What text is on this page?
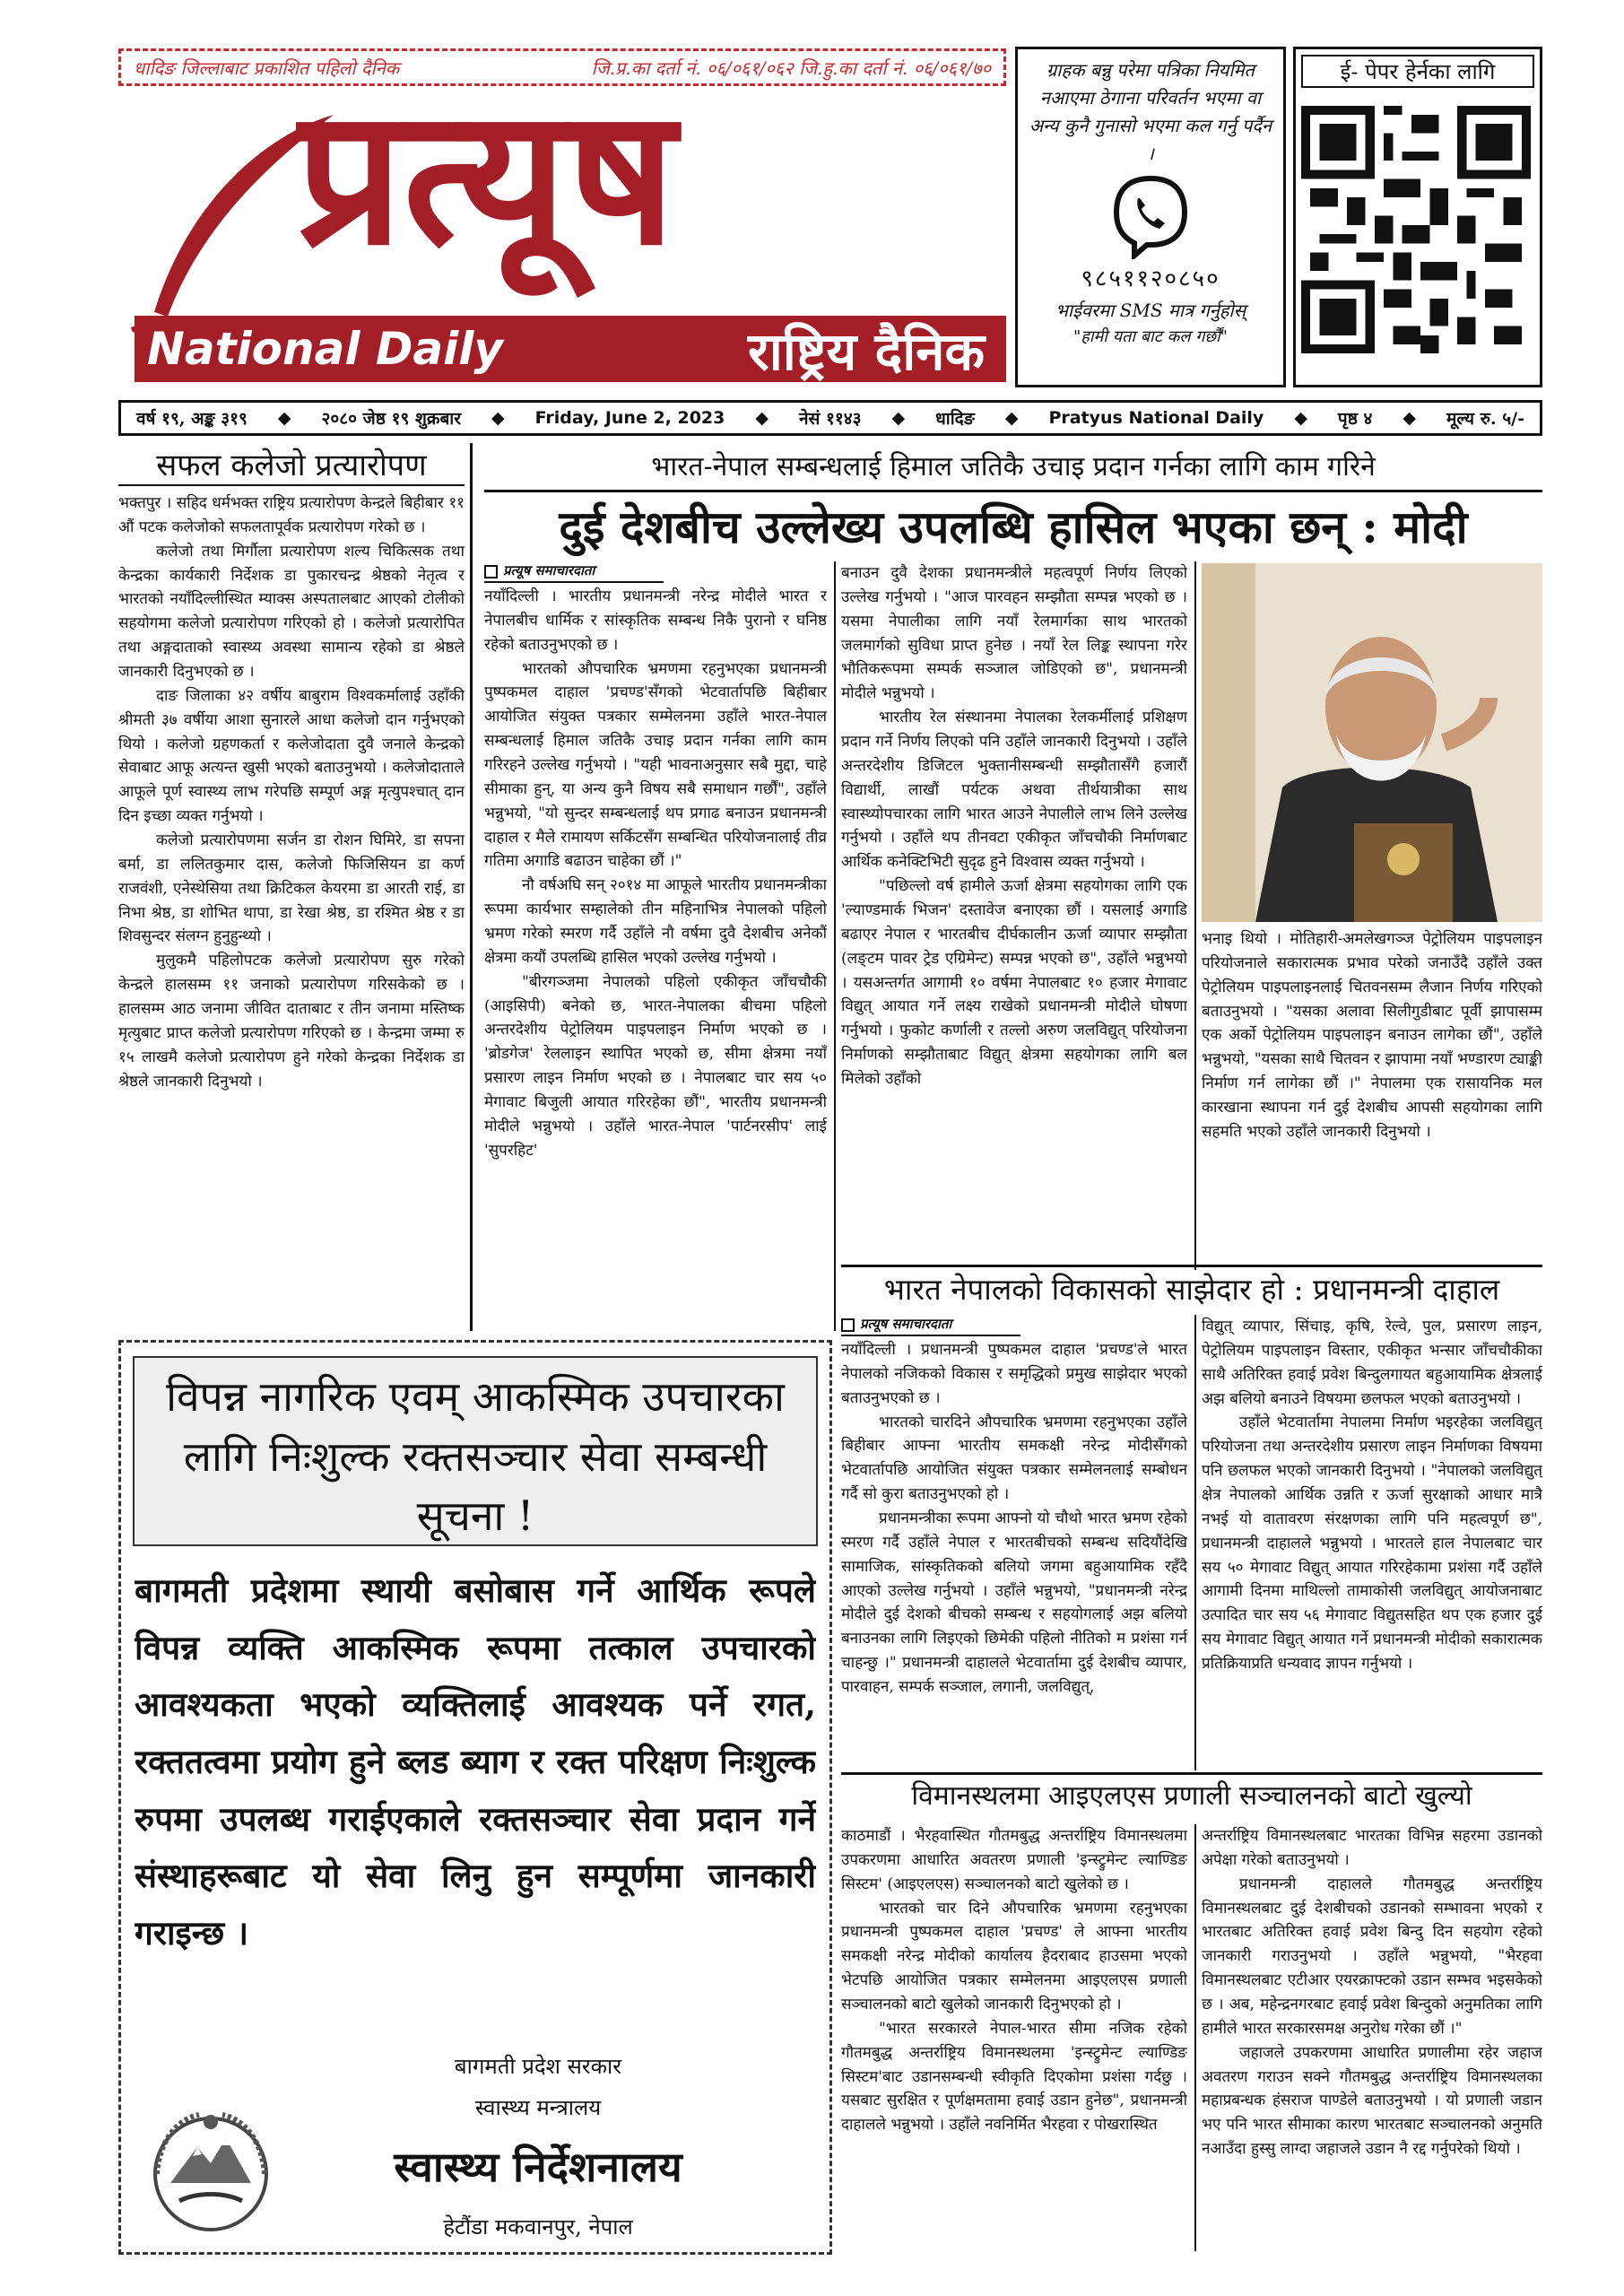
धादिङ जिल्लाबाट प्रकाशित पहिलो दैनिक	जि.प्र.का दर्ता नं. ०६/०६१/०६२ जि.हु.का दर्ता नं. ०६/०६१/७०
प्रत्यूष
National Daily	राष्ट्रिय दैनिक
ग्राहक बन्नु परेमा पत्रिका नियमित नआएमा ठेगाना परिवर्तन भएमा वा अन्य कुनै गुनासो भएमा कल गर्नु पर्दैन ।
९८५११२०८५०
भाईवरमा SMS मात्र गर्नुहोस्
"हामी यता बाट कल गर्छौं"
ई- पेपर हेर्नका लागि
वर्ष १९, अङ्क ३१९ ◆ २०८० जेष्ठ १९ शुक्रबार ◆ Friday, June 2, 2023 ◆ नेसं ११४३ ◆ धादिङ ◆ Pratyus National Daily ◆ पृष्ठ ४ ◆ मूल्य रु. ५/-
सफल कलेजो प्रत्यारोपण

भक्तपुर । सहिद धर्मभक्त राष्ट्रिय प्रत्यारोपण केन्द्रले बिहीबार ११ औं पटक कलेजोको सफलतापूर्वक प्रत्यारोपण गरेको छ ।

कलेजो तथा मिर्गौला प्रत्यारोपण शल्य चिकित्सक तथा केन्द्रका कार्यकारी निर्देशक डा पुकारचन्द्र श्रेष्ठको नेतृत्व र भारतको नयाँदिल्लीस्थित म्याक्स अस्पतालबाट आएको टोलीको सहयोगमा कलेजो प्रत्यारोपण गरिएको हो । कलेजो प्रत्यारोपित तथा अङ्गदाताको स्वास्थ्य अवस्था सामान्य रहेको डा श्रेष्ठले जानकारी दिनुभएको छ ।

दाङ जिलाका ४२ वर्षीय बाबुराम विश्वकर्मालाई उहाँकी श्रीमती ३७ वर्षीया आशा सुनारले आधा कलेजो दान गर्नुभएको थियो । कलेजो ग्रहणकर्ता र कलेजोदाता दुवै जनाले केन्द्रको सेवाबाट आफू अत्यन्त खुसी भएको बताउनुभयो । कलेजोदाताले आफूले पूर्ण स्वास्थ्य लाभ गरेपछि सम्पूर्ण अङ्ग मृत्युपश्चात् दान दिन इच्छा व्यक्त गर्नुभयो ।

कलेजो प्रत्यारोपणमा सर्जन डा रोशन घिमिरे, डा सपना बर्मा, डा ललितकुमार दास, कलेजो फिजिसियन डा कर्ण राजवंशी, एनेस्थेसिया तथा क्रिटिकल केयरमा डा आरती राई, डा निभा श्रेष्ठ, डा शोभित थापा, डा रेखा श्रेष्ठ, डा रश्मित श्रेष्ठ र डा शिवसुन्दर संलग्न हुनुहुन्थ्यो ।

मुलुकमै पहिलोपटक कलेजो प्रत्यारोपण सुरु गरेको केन्द्रले हालसम्म ११ जनाको प्रत्यारोपण गरिसकेको छ । हालसम्म आठ जनामा जीवित दाताबाट र तीन जनामा मस्तिष्क मृत्युबाट प्राप्त कलेजो प्रत्यारोपण गरिएको छ । केन्द्रमा जम्मा रु १५ लाखमै कलेजो प्रत्यारोपण हुने गरेको केन्द्रका निर्देशक डा श्रेष्ठले जानकारी दिनुभयो ।

भारत-नेपाल सम्बन्धलाई हिमाल जतिकै उचाइ प्रदान गर्नका लागि काम गरिने
दुई देशबीच उल्लेख्य उपलब्धि हासिल भएका छन् : मोदी
प्रत्यूष समाचारदाता

नयाँदिल्ली । भारतीय प्रधानमन्त्री नरेन्द्र मोदीले भारत र नेपालबीच धार्मिक र सांस्कृतिक सम्बन्ध निकै पुरानो र घनिष्ठ रहेको बताउनुभएको छ ।

भारतको औपचारिक भ्रमणमा रहनुभएका प्रधानमन्त्री पुष्पकमल दाहाल 'प्रचण्ड'सँगको भेटवार्तापछि बिहीबार आयोजित संयुक्त पत्रकार सम्मेलनमा उहाँले भारत-नेपाल सम्बन्धलाई हिमाल जतिकै उचाइ प्रदान गर्नका लागि काम गरिरहने उल्लेख गर्नुभयो । "यही भावनाअनुसार सबै मुद्दा, चाहे सीमाका हुन्, या अन्य कुनै विषय सबै समाधान गर्छौं", उहाँले भन्नुभयो, "यो सुन्दर सम्बन्धलाई थप प्रगाढ बनाउन प्रधानमन्त्री दाहाल र मैले रामायण सर्किटसँग सम्बन्धित परियोजनालाई तीव्र गतिमा अगाडि बढाउन चाहेका छौं ।"

नौ वर्षअघि सन् २०१४ मा आफूले भारतीय प्रधानमन्त्रीका रूपमा कार्यभार सम्हालेको तीन महिनाभित्र नेपालको पहिलो भ्रमण गरेको स्मरण गर्दै उहाँले नौ वर्षमा दुवै देशबीच अनेकौं क्षेत्रमा कयौं उपलब्धि हासिल भएको उल्लेख गर्नुभयो ।

"बीरगञ्जमा नेपालको पहिलो एकीकृत जाँचचौकी (आइसिपी) बनेको छ, भारत-नेपालका बीचमा पहिलो अन्तरदेशीय पेट्रोलियम पाइपलाइन निर्माण भएको छ । 'ब्रोडगेज' रेललाइन स्थापित भएको छ, सीमा क्षेत्रमा नयाँ प्रसारण लाइन निर्माण भएको छ । नेपालबाट चार सय ५० मेगावाट बिजुली आयात गरिरहेका छौं", भारतीय प्रधानमन्त्री मोदीले भन्नुभयो । उहाँले भारत-नेपाल 'पार्टनरसीप' लाई 'सुपरहिट'

बनाउन दुवै देशका प्रधानमन्त्रीले महत्वपूर्ण निर्णय लिएको उल्लेख गर्नुभयो । "आज पारवहन सम्झौता सम्पन्न भएको छ । यसमा नेपालीका लागि नयाँ रेलमार्गका साथ भारतको जलमार्गको सुविधा प्राप्त हुनेछ । नयाँ रेल लिङ्क स्थापना गरेर भौतिकरूपमा सम्पर्क सञ्जाल जोडिएको छ", प्रधानमन्त्री मोदीले भन्नुभयो ।

भारतीय रेल संस्थानमा नेपालका रेलकर्मीलाई प्रशिक्षण प्रदान गर्ने निर्णय लिएको पनि उहाँले जानकारी दिनुभयो । उहाँले अन्तरदेशीय डिजिटल भुक्तानीसम्बन्धी सम्झौतासँगै हजारौं विद्यार्थी, लाखौं पर्यटक अथवा तीर्थयात्रीका साथ स्वास्थ्योपचारका लागि भारत आउने नेपालीले लाभ लिने उल्लेख गर्नुभयो । उहाँले थप तीनवटा एकीकृत जाँचचौकी निर्माणबाट आर्थिक कनेक्टिभिटी सुदृढ हुने विश्वास व्यक्त गर्नुभयो ।

"पछिल्लो वर्ष हामीले ऊर्जा क्षेत्रमा सहयोगका लागि एक 'ल्याण्डमार्क भिजन' दस्तावेज बनाएका छौं । यसलाई अगाडि बढाएर नेपाल र भारतबीच दीर्घकालीन ऊर्जा व्यापार सम्झौता (लङ्टम पावर ट्रेड एग्रिमेन्ट) सम्पन्न भएको छ", उहाँले भन्नुभयो । यसअन्तर्गत आगामी १० वर्षमा नेपालबाट १० हजार मेगावाट विद्युत् आयात गर्ने लक्ष्य राखेको प्रधानमन्त्री मोदीले घोषणा गर्नुभयो । फुकोट कर्णाली र तल्लो अरुण जलविद्युत् परियोजना निर्माणको सम्झौताबाट विद्युत् क्षेत्रमा सहयोगका लागि बल मिलेको उहाँको

भनाइ थियो । मोतिहारी-अमलेखगञ्ज पेट्रोलियम पाइपलाइन परियोजनाले सकारात्मक प्रभाव परेको जनाउँदै उहाँले उक्त पेट्रोलियम पाइपलाइनलाई चितवनसम्म लैजान निर्णय गरिएको बताउनुभयो । "यसका अलावा सिलीगुडीबाट पूर्वी झापासम्म एक अर्को पेट्रोलियम पाइपलाइन बनाउन लागेका छौं", उहाँले भन्नुभयो, "यसका साथै चितवन र झापामा नयाँ भण्डारण ट्याङ्की निर्माण गर्न लागेका छौं ।" नेपालमा एक रासायनिक मल कारखाना स्थापना गर्न दुई देशबीच आपसी सहयोगका लागि सहमति भएको उहाँले जानकारी दिनुभयो ।

भारत नेपालको विकासको साझेदार हो : प्रधानमन्त्री दाहाल
प्रत्यूष समाचारदाता

नयाँदिल्ली । प्रधानमन्त्री पुष्पकमल दाहाल 'प्रचण्ड'ले भारत नेपालको नजिकको विकास र समृद्धिको प्रमुख साझेदार भएको बताउनुभएको छ ।

भारतको चारदिने औपचारिक भ्रमणमा रहनुभएका उहाँले बिहीबार आफ्ना भारतीय समकक्षी नरेन्द्र मोदीसँगको भेटवार्तापछि आयोजित संयुक्त पत्रकार सम्मेलनलाई सम्बोधन गर्दै सो कुरा बताउनुभएको हो ।

प्रधानमन्त्रीका रूपमा आफ्नो यो चौथो भारत भ्रमण रहेको स्मरण गर्दै उहाँले नेपाल र भारतबीचको सम्बन्ध सदियौंदेखि सामाजिक, सांस्कृतिकको बलियो जगमा बहुआयामिक रहँदै आएको उल्लेख गर्नुभयो । उहाँले भन्नुभयो, "प्रधानमन्त्री नरेन्द्र मोदीले दुई देशको बीचको सम्बन्ध र सहयोगलाई अझ बलियो बनाउनका लागि लिइएको छिमेकी पहिलो नीतिको म प्रशंसा गर्न चाहन्छु ।" प्रधानमन्त्री दाहालले भेटवार्तामा दुई देशबीच व्यापार, पारवाहन, सम्पर्क सञ्जाल, लगानी, जलविद्युत्,

विद्युत् व्यापार, सिंचाइ, कृषि, रेल्वे, पुल, प्रसारण लाइन, पेट्रोलियम पाइपलाइन विस्तार, एकीकृत भन्सार जाँचचौकीका साथै अतिरिक्त हवाई प्रवेश बिन्दुलगायत बहुआयामिक क्षेत्रलाई अझ बलियो बनाउने विषयमा छलफल भएको बताउनुभयो ।

उहाँले भेटवार्तामा नेपालमा निर्माण भइरहेका जलविद्युत् परियोजना तथा अन्तरदेशीय प्रसारण लाइन निर्माणका विषयमा पनि छलफल भएको जानकारी दिनुभयो । "नेपालको जलविद्युत् क्षेत्र नेपालको आर्थिक उन्नति र ऊर्जा सुरक्षाको आधार मात्रै नभई यो वातावरण संरक्षणका लागि पनि महत्वपूर्ण छ", प्रधानमन्त्री दाहालले भन्नुभयो । भारतले हाल नेपालबाट चार सय ५० मेगावाट विद्युत् आयात गरिरहेकामा प्रशंसा गर्दै उहाँले आगामी दिनमा माथिल्लो तामाकोसी जलविद्युत् आयोजनाबाट उत्पादित चार सय ५६ मेगावाट विद्युतसहित थप एक हजार दुई सय मेगावाट विद्युत् आयात गर्ने प्रधानमन्त्री मोदीको सकारात्मक प्रतिक्रियाप्रति धन्यवाद ज्ञापन गर्नुभयो ।

विमानस्थलमा आइएलएस प्रणाली सञ्चालनको बाटो खुल्यो

काठमाडौं । भैरहवास्थित गौतमबुद्ध अन्तर्राष्ट्रिय विमानस्थलमा उपकरणमा आधारित अवतरण प्रणाली 'इन्स्ट्रुमेन्ट ल्याण्डिङ सिस्टम' (आइएलएस) सञ्चालनको बाटो खुलेको छ ।

भारतको चार दिने औपचारिक भ्रमणमा रहनुभएका प्रधानमन्त्री पुष्पकमल दाहाल 'प्रचण्ड' ले आफ्ना भारतीय समकक्षी नरेन्द्र मोदीको कार्यालय हैदराबाद हाउसमा भएको भेटपछि आयोजित पत्रकार सम्मेलनमा आइएलएस प्रणाली सञ्चालनको बाटो खुलेको जानकारी दिनुभएको हो ।

"भारत सरकारले नेपाल-भारत सीमा नजिक रहेको गौतमबुद्ध अन्तर्राष्ट्रिय विमानस्थलमा 'इन्स्ट्रुमेन्ट ल्याण्डिङ सिस्टम'बाट उडानसम्बन्धी स्वीकृति दिएकोमा प्रशंसा गर्दछु । यसबाट सुरक्षित र पूर्णक्षमतामा हवाई उडान हुनेछ", प्रधानमन्त्री दाहालले भन्नुभयो । उहाँले नवनिर्मित भैरहवा र पोखरास्थित

अन्तर्राष्ट्रिय विमानस्थलबाट भारतका विभिन्न सहरमा उडानको अपेक्षा गरेको बताउनुभयो ।

प्रधानमन्त्री दाहालले गौतमबुद्ध अन्तर्राष्ट्रिय विमानस्थलबाट दुई देशबीचको उडानको सम्भावना भएको र भारतबाट अतिरिक्त हवाई प्रवेश बिन्दु दिन सहयोग रहेको जानकारी गराउनुभयो । उहाँले भन्नुभयो, "भैरहवा विमानस्थलबाट एटीआर एयरक्राफ्टको उडान सम्भव भइसकेको छ । अब, महेन्द्रनगरबाट हवाई प्रवेश बिन्दुको अनुमतिका लागि हामीले भारत सरकारसमक्ष अनुरोध गरेका छौं ।"

जहाजले उपकरणमा आधारित प्रणालीमा रहेर जहाज अवतरण गराउन सक्ने गौतमबुद्ध अन्तर्राष्ट्रिय विमानस्थलका महाप्रबन्धक हंसराज पाण्डेले बताउनुभयो । यो प्रणाली जडान भए पनि भारत सीमाका कारण भारतबाट सञ्चालनको अनुमति नआउँदा हुस्सु लाग्दा जहाजले उडान नै रद्द गर्नुपरेको थियो ।

विपन्न नागरिक एवम् आकस्मिक उपचारका लागि निःशुल्क रक्तसञ्चार सेवा सम्बन्धी सूचना !
बागमती प्रदेशमा स्थायी बसोबास गर्ने आर्थिक रूपले विपन्न व्यक्ति आकस्मिक रूपमा तत्काल उपचारको आवश्यकता भएको व्यक्तिलाई आवश्यक पर्ने रगत, रक्ततत्वमा प्रयोग हुने ब्लड ब्याग र रक्त परिक्षण निःशुल्क रुपमा उपलब्ध गराईएकाले रक्तसञ्चार सेवा प्रदान गर्ने संस्थाहरूबाट यो सेवा लिनु हुन सम्पूर्णमा जानकारी गराइन्छ ।
बागमती प्रदेश सरकार
स्वास्थ्य मन्त्रालय
स्वास्थ्य निर्देशनालय
हेटौंडा मकवानपुर, नेपाल
